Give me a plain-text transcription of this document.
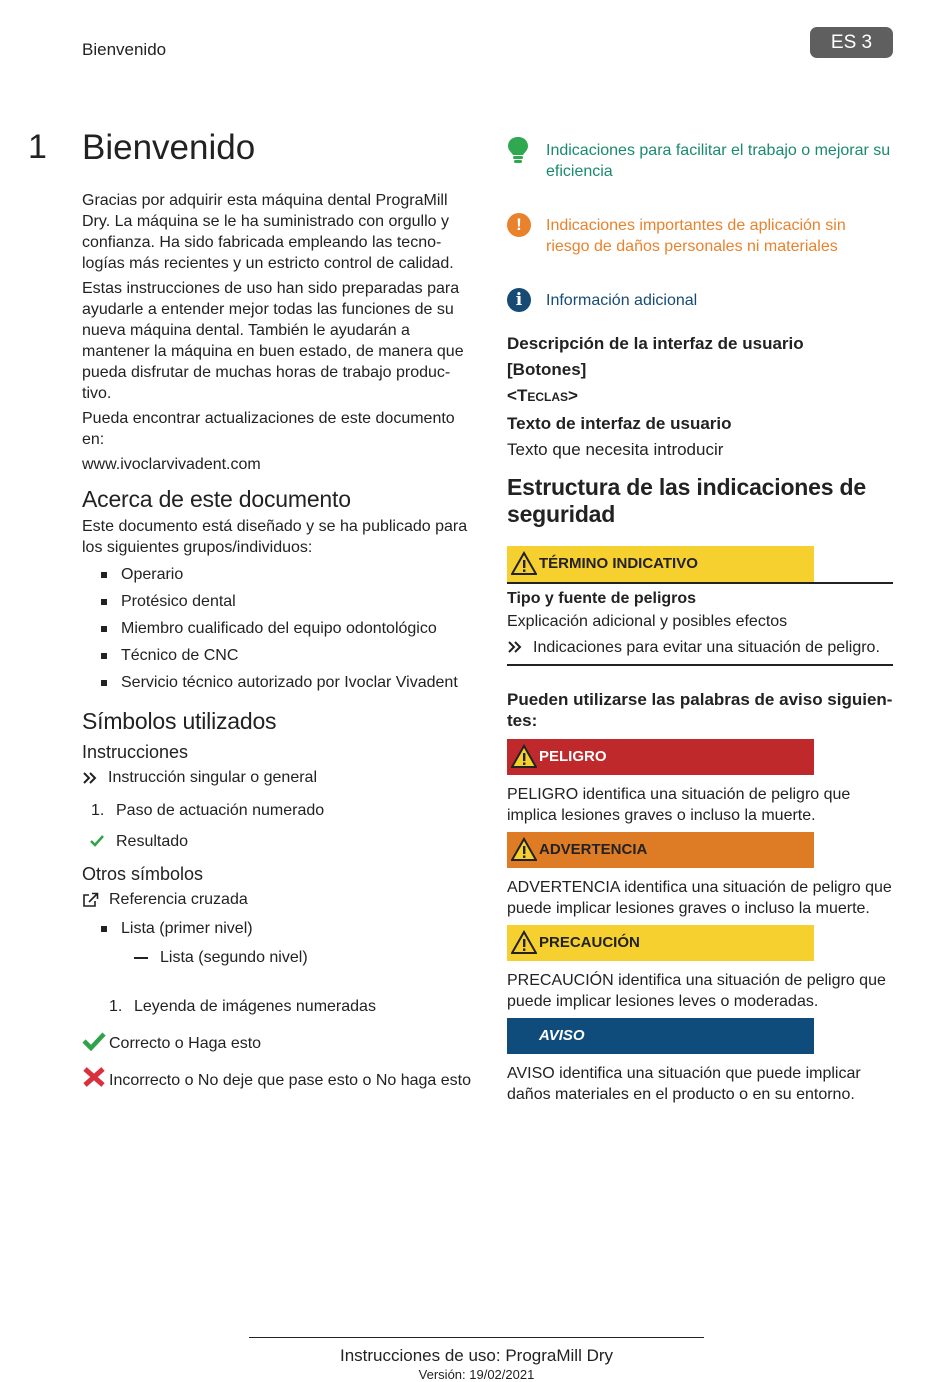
Bienvenido	ES 3
1 Bienvenido

Gracias por adquirir esta máquina dental PrograMill Dry. La máquina se le ha suministrado con orgullo y confianza. Ha sido fabricada empleando las tecno-logías más recientes y un estricto control de calidad.

Estas instrucciones de uso han sido preparadas para ayudarle a entender mejor todas las funciones de su nueva máquina dental. También le ayudarán a mantener la máquina en buen estado, de manera que pueda disfrutar de muchas horas de trabajo produc-tivo.

Pueda encontrar actualizaciones de este documento en:

www.ivoclarvivadent.com

Acerca de este documento

Este documento está diseñado y se ha publicado para los siguientes grupos/individuos:

Operario
Protésico dental
Miembro cualificado del equipo odontológico
Técnico de CNC
Servicio técnico autorizado por Ivoclar Vivadent
Símbolos utilizados
Instrucciones
Instrucción singular o general
1. Paso de actuación numerado
Resultado
Otros símbolos
Referencia cruzada
Lista (primer nivel)
Lista (segundo nivel)
1. Leyenda de imágenes numeradas
Correcto o Haga esto
Incorrecto o No deje que pase esto o No haga esto
Indicaciones para facilitar el trabajo o mejorar su eficiencia
!	Indicaciones importantes de aplicación sin riesgo de daños personales ni materiales
i	Información adicional
Descripción de la interfaz de usuario
[Botones]
<TECLAS>
Texto de interfaz de usuario
Texto que necesita introducir
Estructura de las indicaciones de seguridad
TÉRMINO INDICATIVO
Tipo y fuente de peligros
Explicación adicional y posibles efectos
Indicaciones para evitar una situación de peligro.
Pueden utilizarse las palabras de aviso siguien-tes:
PELIGRO
PELIGRO identifica una situación de peligro que implica lesiones graves o incluso la muerte.
ADVERTENCIA
ADVERTENCIA identifica una situación de peligro que puede implicar lesiones graves o incluso la muerte.
PRECAUCIÓN
PRECAUCIÓN identifica una situación de peligro que puede implicar lesiones leves o moderadas.
AVISO
AVISO identifica una situación que puede implicar daños materiales en el producto o en su entorno.
Instrucciones de uso: PrograMill Dry
Versión: 19/02/2021
